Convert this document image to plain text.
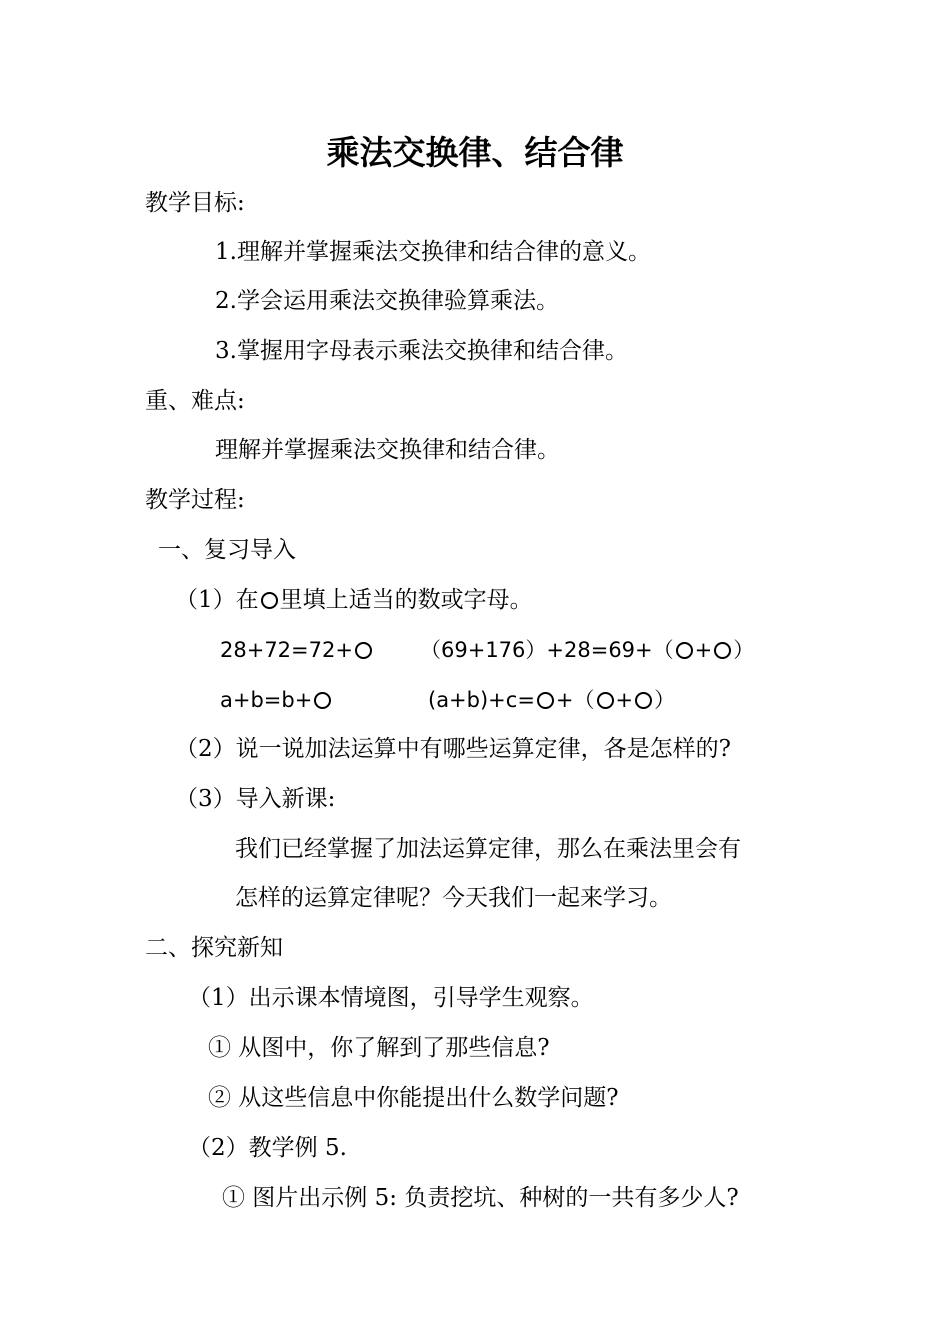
乘法交换律、结合律
教学目标:
1.理解并掌握乘法交换律和结合律的意义。
2.学会运用乘法交换律验算乘法。
3.掌握用字母表示乘法交换律和结合律。
重、难点:
理解并掌握乘法交换律和结合律。
教学过程:
一、复习导入
（1）在 里填上适当的数或字母。
28+72=72+	（69+176）+28=69+（ + ）
a+b=b+	(a+b)+c= +（ + ）
（2）说一说加法运算中有哪些运算定律，各是怎样的?
（3）导入新课:
我们已经掌握了加法运算定律，那么在乘法里会有
怎样的运算定律呢？今天我们一起来学习。
二、探究新知
（1）出示课本情境图，引导学生观察。
① 从图中，你了解到了那些信息?
② 从这些信息中你能提出什么数学问题?
（2）教学例 5.
① 图片出示例 5: 负责挖坑、种树的一共有多少人?
